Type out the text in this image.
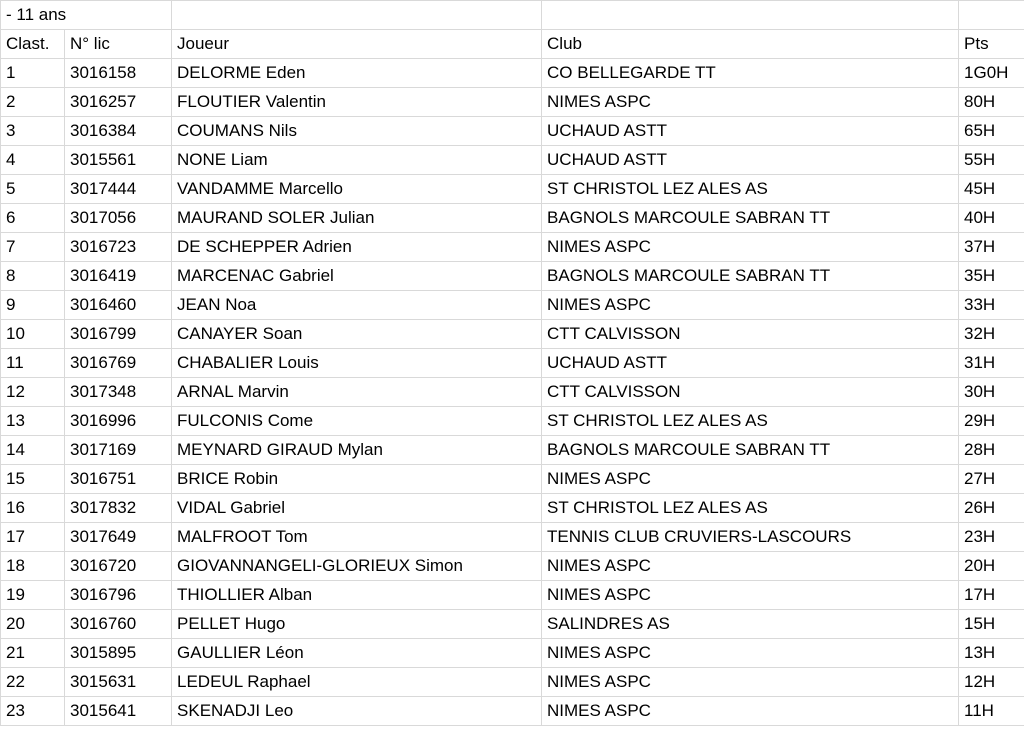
- 11 ans				
Clast.	N° lic	Joueur	Club	Pts
1	3016158	DELORME Eden	CO BELLEGARDE TT	1G0H
2	3016257	FLOUTIER Valentin	NIMES ASPC	80H
3	3016384	COUMANS Nils	UCHAUD ASTT	65H
4	3015561	NONE Liam	UCHAUD ASTT	55H
5	3017444	VANDAMME Marcello	ST CHRISTOL LEZ ALES AS	45H
6	3017056	MAURAND SOLER Julian	BAGNOLS MARCOULE SABRAN TT	40H
7	3016723	DE SCHEPPER Adrien	NIMES ASPC	37H
8	3016419	MARCENAC Gabriel	BAGNOLS MARCOULE SABRAN TT	35H
9	3016460	JEAN Noa	NIMES ASPC	33H
10	3016799	CANAYER Soan	CTT CALVISSON	32H
11	3016769	CHABALIER Louis	UCHAUD ASTT	31H
12	3017348	ARNAL Marvin	CTT CALVISSON	30H
13	3016996	FULCONIS Come	ST CHRISTOL LEZ ALES AS	29H
14	3017169	MEYNARD GIRAUD Mylan	BAGNOLS MARCOULE SABRAN TT	28H
15	3016751	BRICE Robin	NIMES ASPC	27H
16	3017832	VIDAL Gabriel	ST CHRISTOL LEZ ALES AS	26H
17	3017649	MALFROOT Tom	TENNIS CLUB CRUVIERS-LASCOURS	23H
18	3016720	GIOVANNANGELI-GLORIEUX Simon	NIMES ASPC	20H
19	3016796	THIOLLIER Alban	NIMES ASPC	17H
20	3016760	PELLET Hugo	SALINDRES AS	15H
21	3015895	GAULLIER Léon	NIMES ASPC	13H
22	3015631	LEDEUL Raphael	NIMES ASPC	12H
23	3015641	SKENADJI Leo	NIMES ASPC	11H
